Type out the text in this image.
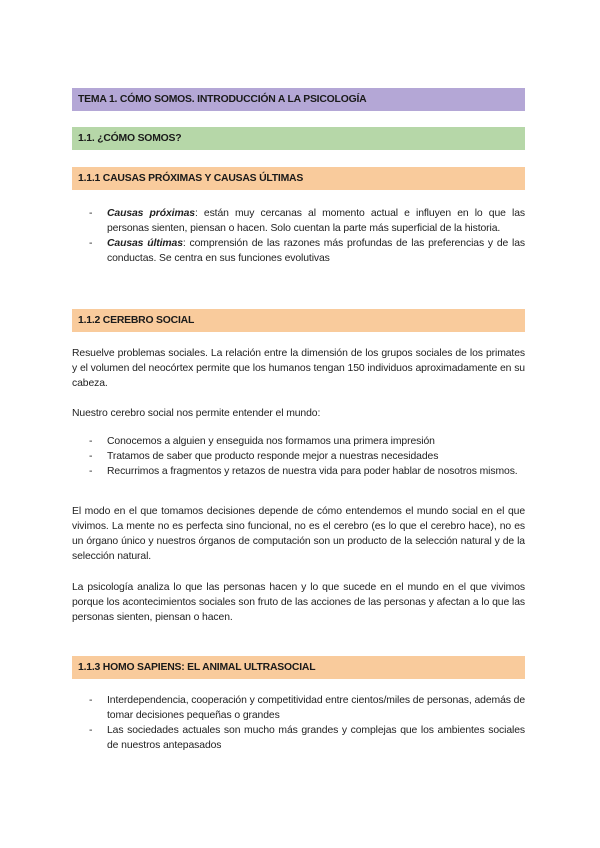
TEMA 1. CÓMO SOMOS. INTRODUCCIÓN A LA PSICOLOGÍA
1.1. ¿CÓMO SOMOS?
1.1.1 CAUSAS PRÓXIMAS Y CAUSAS ÚLTIMAS
- Causas próximas: están muy cercanas al momento actual e influyen en lo que las personas sienten, piensan o hacen. Solo cuentan la parte más superficial de la historia.
- Causas últimas: comprensión de las razones más profundas de las preferencias y de las conductas. Se centra en sus funciones evolutivas
1.1.2 CEREBRO SOCIAL

Resuelve problemas sociales. La relación entre la dimensión de los grupos sociales de los primates y el volumen del neocórtex permite que los humanos tengan 150 individuos aproximadamente en su cabeza.

Nuestro cerebro social nos permite entender el mundo:

- Conocemos a alguien y enseguida nos formamos una primera impresión
- Tratamos de saber que producto responde mejor a nuestras necesidades
- Recurrimos a fragmentos y retazos de nuestra vida para poder hablar de nosotros mismos.

El modo en el que tomamos decisiones depende de cómo entendemos el mundo social en el que vivimos. La mente no es perfecta sino funcional, no es el cerebro (es lo que el cerebro hace), no es un órgano único y nuestros órganos de computación son un producto de la selección natural y de la selección natural.

La psicología analiza lo que las personas hacen y lo que sucede en el mundo en el que vivimos porque los acontecimientos sociales son fruto de las acciones de las personas y afectan a lo que las personas sienten, piensan o hacen.

1.1.3 HOMO SAPIENS: EL ANIMAL ULTRASOCIAL
- Interdependencia, cooperación y competitividad entre cientos/miles de personas, además de tomar decisiones pequeñas o grandes
- Las sociedades actuales son mucho más grandes y complejas que los ambientes sociales de nuestros antepasados
